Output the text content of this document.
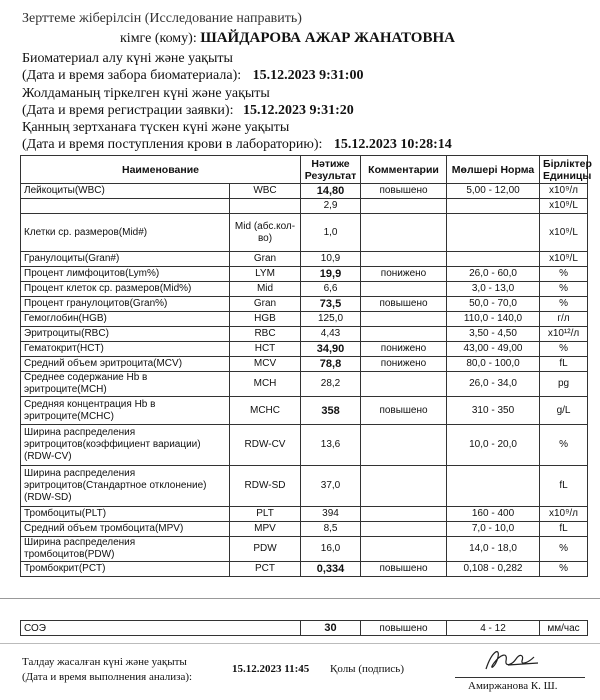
Зерттеме жіберілсін (Исследование направить)
кімге (кому): ШАЙДАРОВА АЖАР ЖАНАТОВНА
Биоматериал алу күні және уақыты
(Дата и время забора биоматериала): 15.12.2023 9:31:00
Жолдаманың тіркелген күні және уақыты
(Дата и время регистрации заявки): 15.12.2023 9:31:20
Қанның зертханаға түскен күні және уақыты
(Дата и время поступления крови в лабораторию): 15.12.2023 10:28:14
Наименование		Нәтиже Результат	Комментарии	Мөлшері Норма	Бірліктер Единицы
Лейкоциты(WBC)	WBC	14,80	повышено	5,00 - 12,00	x10⁹/л
		2,9			x10⁹/L
Клетки ср. размеров(Mid#)	Mid (абс.кол-во)	1,0			x10⁹/L
Гранулоциты(Gran#)	Gran	10,9			x10⁹/L
Процент лимфоцитов(Lym%)	LYM	19,9	понижено	26,0 - 60,0	%
Процент клеток ср. размеров(Mid%)	Mid	6,6		3,0 - 13,0	%
Процент гранулоцитов(Gran%)	Gran	73,5	повышено	50,0 - 70,0	%
Гемоглобин(HGB)	HGB	125,0		110,0 - 140,0	г/л
Эритроциты(RBC)	RBC	4,43		3,50 - 4,50	x10¹²/л
Гематокрит(HCT)	HCT	34,90	понижено	43,00 - 49,00	%
Средний объем эритроцита(MCV)	MCV	78,8	понижено	80,0 - 100,0	fL
Среднее содержание Hb в эритроците(MCH)	MCH	28,2		26,0 - 34,0	pg
Средняя концентрация Hb в эритроците(MCHC)	MCHC	358	повышено	310 - 350	g/L
Ширина распределения эритроцитов(коэффициент вариации)(RDW-CV)	RDW-CV	13,6		10,0 - 20,0	%
Ширина распределения эритроцитов(Стандартное отклонение)(RDW-SD)	RDW-SD	37,0			fL
Тромбоциты(PLT)	PLT	394		160 - 400	x10⁹/л
Средний объем тромбоцита(MPV)	MPV	8,5		7,0 - 10,0	fL
Ширина распределения тромбоцитов(PDW)	PDW	16,0		14,0 - 18,0	%
Тромбокрит(PCT)	PCT	0,334	повышено	0,108 - 0,282	%
СОЭ	30	повышено	4 - 12	мм/час
Талдау жасалған күні және уақыты
(Дата и время выполнения анализа):
15.12.2023 11:45 Қолы (подпись)
Амиржанова К. Ш.
